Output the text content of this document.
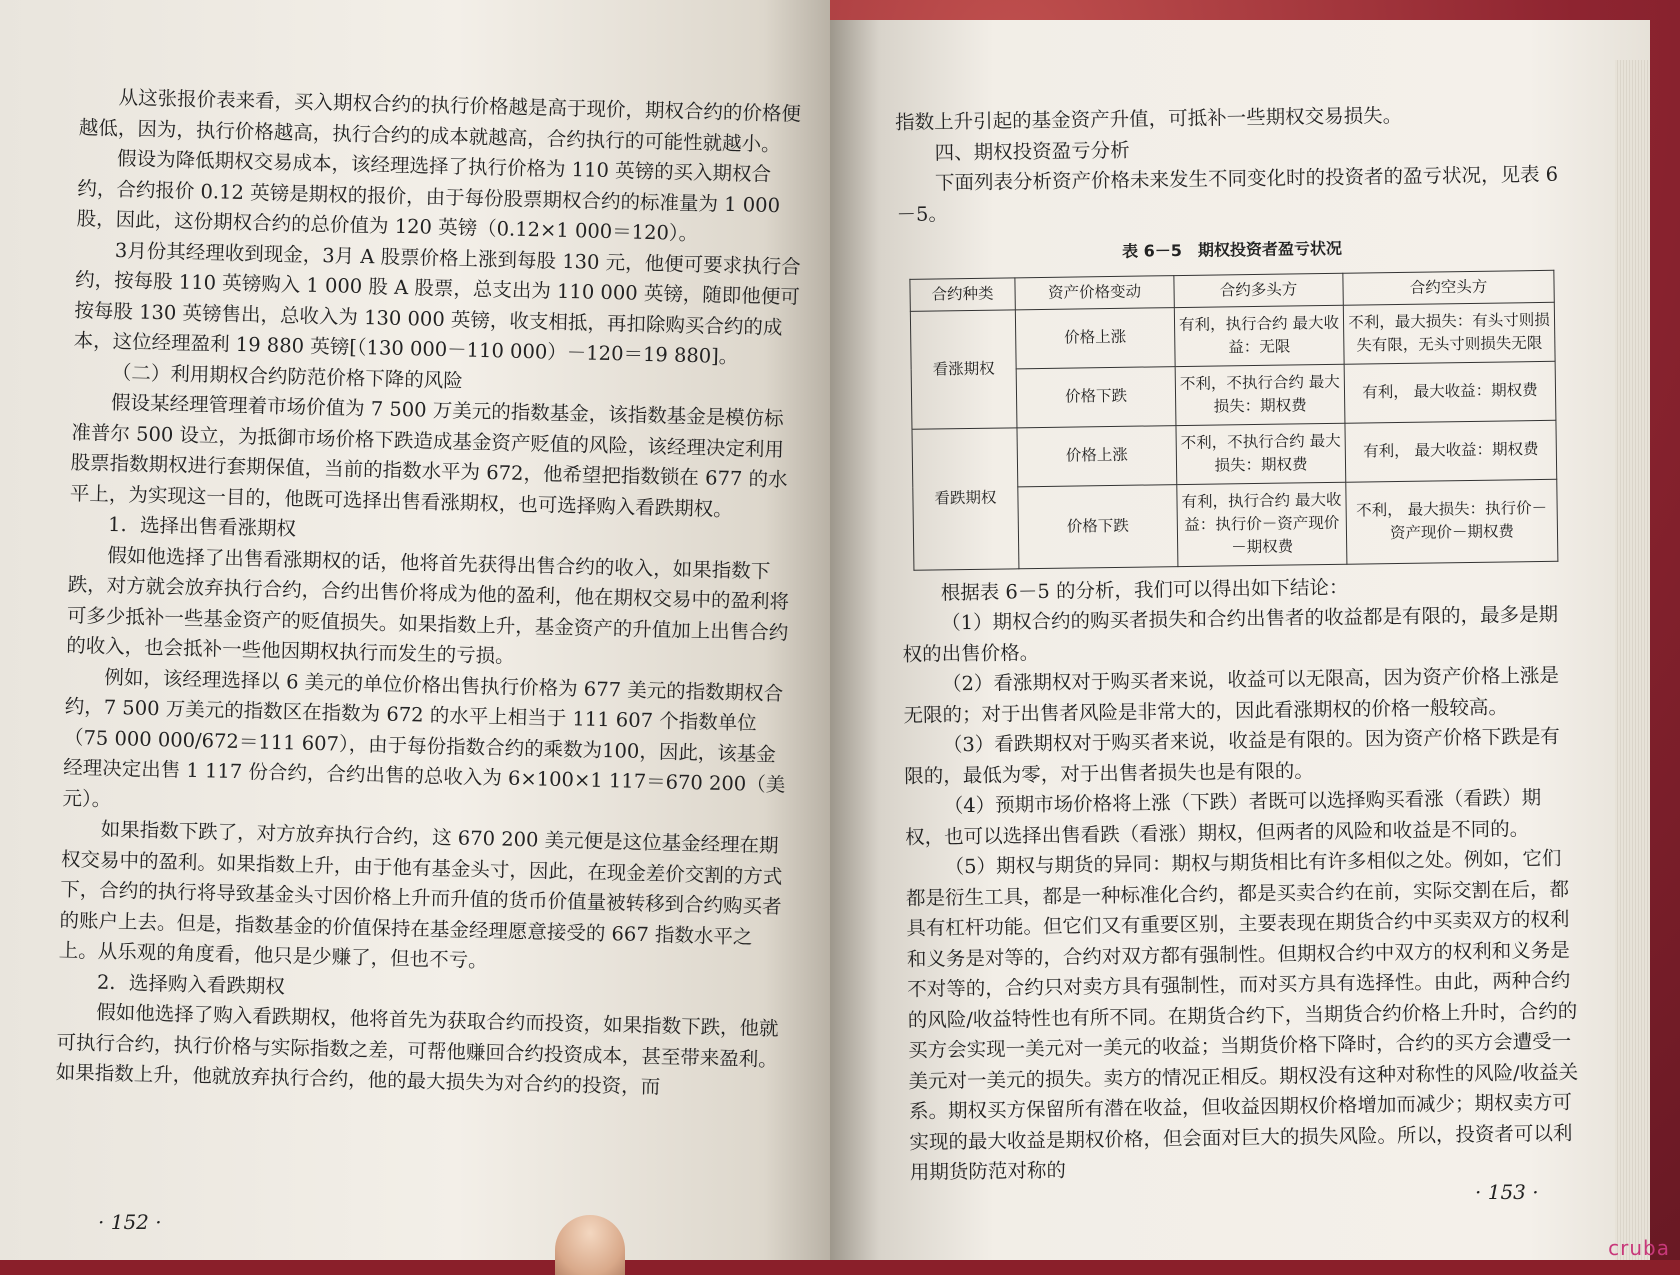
从这张报价表来看，买入期权合约的执行价格越是高于现价，期权合约的价格便越低，因为，执行价格越高，执行合约的成本就越高，合约执行的可能性就越小。

假设为降低期权交易成本，该经理选择了执行价格为 110 英镑的买入期权合约，合约报价 0.12 英镑是期权的报价，由于每份股票期权合约的标准量为 1 000股，因此，这份期权合约的总价值为 120 英镑（0.12×1 000＝120）。

3月份其经理收到现金，3月 A 股票价格上涨到每股 130 元，他便可要求执行合约，按每股 110 英镑购入 1 000 股 A 股票，总支出为 110 000 英镑，随即他便可按每股 130 英镑售出，总收入为 130 000 英镑，收支相抵，再扣除购买合约的成本，这位经理盈利 19 880 英镑[（130 000－110 000）－120＝19 880]。

（二）利用期权合约防范价格下降的风险

假设某经理管理着市场价值为 7 500 万美元的指数基金，该指数基金是模仿标准普尔 500 设立，为抵御市场价格下跌造成基金资产贬值的风险，该经理决定利用股票指数期权进行套期保值，当前的指数水平为 672，他希望把指数锁在 677 的水平上，为实现这一目的，他既可选择出售看涨期权，也可选择购入看跌期权。

1．选择出售看涨期权

假如他选择了出售看涨期权的话，他将首先获得出售合约的收入，如果指数下跌，对方就会放弃执行合约，合约出售价将成为他的盈利，他在期权交易中的盈利将可多少抵补一些基金资产的贬值损失。如果指数上升，基金资产的升值加上出售合约的收入，也会抵补一些他因期权执行而发生的亏损。

例如，该经理选择以 6 美元的单位价格出售执行价格为 677 美元的指数期权合约，7 500 万美元的指数区在指数为 672 的水平上相当于 111 607 个指数单位（75 000 000/672＝111 607），由于每份指数合约的乘数为100，因此，该基金经理决定出售 1 117 份合约，合约出售的总收入为 6×100×1 117＝670 200（美元）。

如果指数下跌了，对方放弃执行合约，这 670 200 美元便是这位基金经理在期权交易中的盈利。如果指数上升，由于他有基金头寸，因此，在现金差价交割的方式下，合约的执行将导致基金头寸因价格上升而升值的货币价值量被转移到合约购买者的账户上去。但是，指数基金的价值保持在基金经理愿意接受的 667 指数水平之上。从乐观的角度看，他只是少赚了，但也不亏。

2．选择购入看跌期权

假如他选择了购入看跌期权，他将首先为获取合约而投资，如果指数下跌，他就可执行合约，执行价格与实际指数之差，可帮他赚回合约投资成本，甚至带来盈利。如果指数上升，他就放弃执行合约，他的最大损失为对合约的投资，而

· 152 ·

指数上升引起的基金资产升值，可抵补一些期权交易损失。

四、期权投资盈亏分析

下面列表分析资产价格未来发生不同变化时的投资者的盈亏状况，见表 6－5。

表 6－5　期权投资者盈亏状况
合约种类	资产价格变动	合约多头方	合约空头方
看涨期权	价格上涨	有利，执行合约 最大收益：无限	不利，最大损失：有头寸则损失有限，无头寸则损失无限
	价格下跌	不利，不执行合约 最大损失：期权费	有利， 最大收益：期权费
看跌期权	价格上涨	不利，不执行合约 最大损失：期权费	有利， 最大收益：期权费
	价格下跌	有利，执行合约 最大收益：执行价－资产现价－期权费	不利， 最大损失：执行价－资产现价－期权费

根据表 6－5 的分析，我们可以得出如下结论：

（1）期权合约的购买者损失和合约出售者的收益都是有限的，最多是期权的出售价格。

（2）看涨期权对于购买者来说，收益可以无限高，因为资产价格上涨是无限的；对于出售者风险是非常大的，因此看涨期权的价格一般较高。

（3）看跌期权对于购买者来说，收益是有限的。因为资产价格下跌是有限的，最低为零，对于出售者损失也是有限的。

（4）预期市场价格将上涨（下跌）者既可以选择购买看涨（看跌）期权，也可以选择出售看跌（看涨）期权，但两者的风险和收益是不同的。

（5）期权与期货的异同：期权与期货相比有许多相似之处。例如，它们都是衍生工具，都是一种标准化合约，都是买卖合约在前，实际交割在后，都具有杠杆功能。但它们又有重要区别，主要表现在期货合约中买卖双方的权利和义务是对等的，合约对双方都有强制性。但期权合约中双方的权利和义务是不对等的，合约只对卖方具有强制性，而对买方具有选择性。由此，两种合约的风险/收益特性也有所不同。在期货合约下，当期货合约价格上升时，合约的买方会实现一美元对一美元的收益；当期货价格下降时，合约的买方会遭受一美元对一美元的损失。卖方的情况正相反。期权没有这种对称性的风险/收益关系。期权买方保留所有潜在收益，但收益因期权价格增加而减少；期权卖方可实现的最大收益是期权价格，但会面对巨大的损失风险。所以，投资者可以利用期货防范对称的

· 153 ·
cruba
